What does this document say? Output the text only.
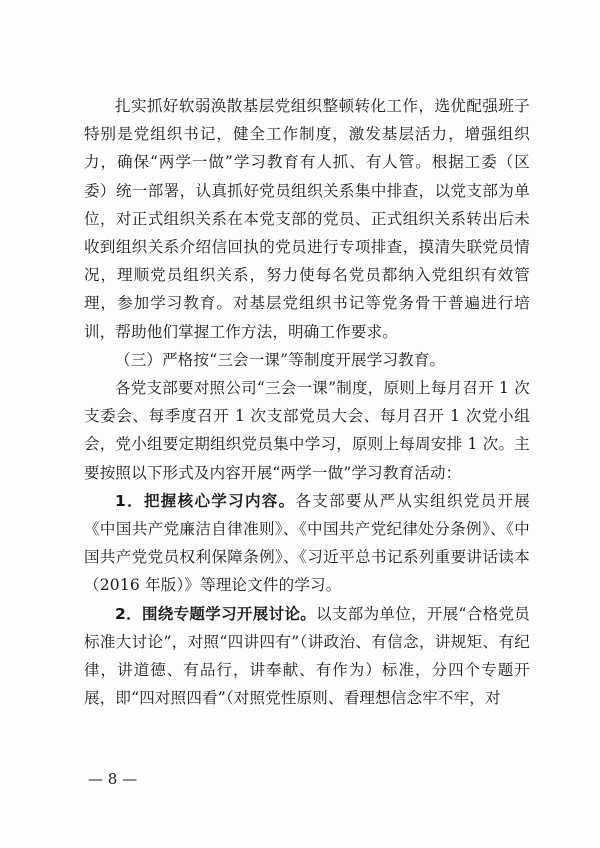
扎实抓好软弱涣散基层党组织整顿转化工作，选优配强班子特别是党组织书记，健全工作制度，激发基层活力，增强组织力，确保“两学一做”学习教育有人抓、有人管。根据工委（区委）统一部署，认真抓好党员组织关系集中排查，以党支部为单位，对正式组织关系在本党支部的党员、正式组织关系转出后未收到组织关系介绍信回执的党员进行专项排查，摸清失联党员情况，理顺党员组织关系，努力使每名党员都纳入党组织有效管理，参加学习教育。对基层党组织书记等党务骨干普遍进行培训，帮助他们掌握工作方法，明确工作要求。

（三）严格按“三会一课”等制度开展学习教育。

各党支部要对照公司“三会一课”制度，原则上每月召开 1 次支委会、每季度召开 1 次支部党员大会、每月召开 1 次党小组会，党小组要定期组织党员集中学习，原则上每周安排 1 次。主要按照以下形式及内容开展“两学一做”学习教育活动：

1．把握核心学习内容。各支部要从严从实组织党员开展《中国共产党廉洁自律准则》、《中国共产党纪律处分条例》、《中国共产党党员权利保障条例》、《习近平总书记系列重要讲话读本（2016 年版）》等理论文件的学习。

2．围绕专题学习开展讨论。以支部为单位，开展“合格党员标准大讨论”，对照“四讲四有”（讲政治、有信念，讲规矩、有纪律，讲道德、有品行，讲奉献、有作为）标准，分四个专题开展，即“四对照四看”（对照党性原则、看理想信念牢不牢，对

— 8 —
